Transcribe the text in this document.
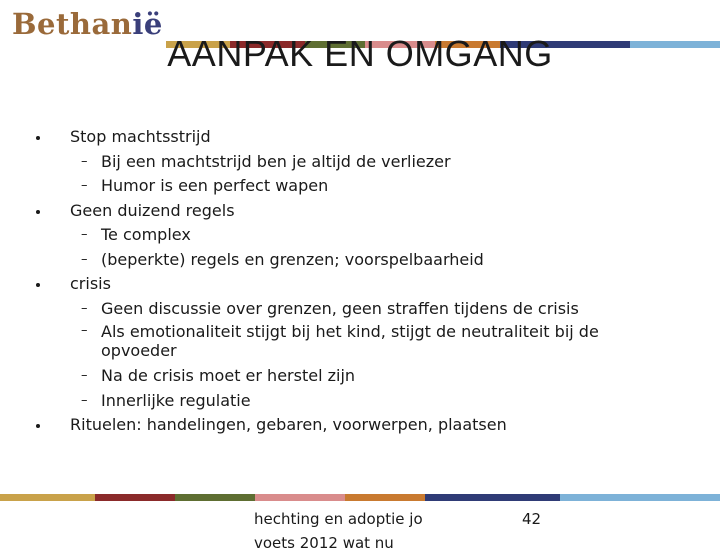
Bethanië
AANPAK EN OMGANG
Stop machtsstrijd
– Bij een machtstrijd ben je altijd de verliezer
– Humor is een perfect wapen
Geen duizend regels
– Te complex
– (beperkte) regels en grenzen; voorspelbaarheid
crisis
– Geen discussie over grenzen, geen straffen tijdens de crisis
– Als emotionaliteit stijgt bij het kind, stijgt de neutraliteit bij de opvoeder
– Na de crisis moet er herstel zijn
– Innerlijke regulatie
Rituelen: handelingen, gebaren, voorwerpen, plaatsen
hechting en adoptie jo
voets 2012 wat nu
42
